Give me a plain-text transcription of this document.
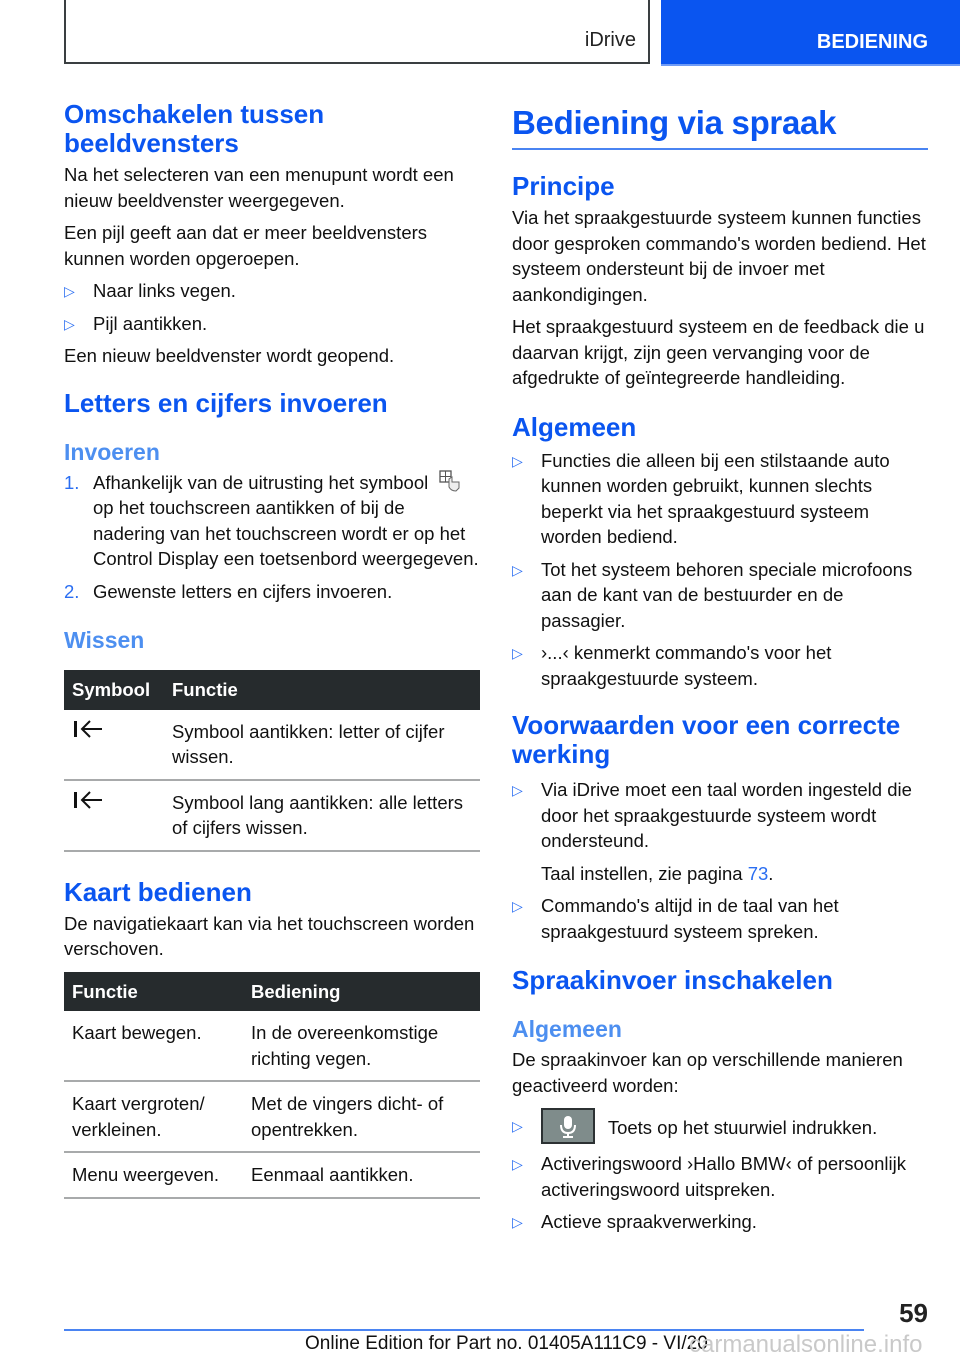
iDrive	BEDIENING
Omschakelen tussen beeldvensters

Na het selecteren van een menupunt wordt een nieuw beeldvenster weergegeven.

Een pijl geeft aan dat er meer beeldvensters kunnen worden opgeroepen.

▷ Naar links vegen.
▷ Pijl aantikken.

Een nieuw beeldvenster wordt geopend.

Letters en cijfers invoeren
Invoeren
1. Afhankelijk van de uitrusting het symbool  op het touchscreen aantikken of bij de nadering van het touchscreen wordt er op het Control Display een toetsenbord weergegeven.
2. Gewenste letters en cijfers invoeren.
Wissen
Symbool	Functie
	Symbool aantikken: letter of cijfer wissen.
	Symbool lang aantikken: alle letters of cijfers wissen.
Kaart bedienen

De navigatiekaart kan via het touchscreen worden verschoven.

Functie	Bediening
Kaart bewegen.	In de overeenkomstige richting vegen.
Kaart vergroten/ verkleinen.	Met de vingers dicht- of opentrekken.
Menu weergeven.	Eenmaal aantikken.
Bediening via spraak
Principe

Via het spraakgestuurde systeem kunnen functies door gesproken commando's worden bediend. Het systeem ondersteunt bij de invoer met aankondigingen.

Het spraakgestuurd systeem en de feedback die u daarvan krijgt, zijn geen vervanging voor de afgedrukte of geïntegreerde handleiding.

Algemeen
▷ Functies die alleen bij een stilstaande auto kunnen worden gebruikt, kunnen slechts beperkt via het spraakgestuurd systeem worden bediend.
▷ Tot het systeem behoren speciale microfoons aan de kant van de bestuurder en de passagier.
▷ ›...‹ kenmerkt commando's voor het spraakgestuurde systeem.
Voorwaarden voor een correcte werking
▷ Via iDrive moet een taal worden ingesteld die door het spraakgestuurde systeem wordt ondersteund.
Taal instellen, zie pagina 73.
▷ Commando's altijd in de taal van het spraakgestuurd systeem spreken.
Spraakinvoer inschakelen
Algemeen

De spraakinvoer kan op verschillende manieren geactiveerd worden:

▷	Toets op het stuurwiel indrukken.
▷ Activeringswoord ›Hallo BMW‹ of persoonlijk activeringswoord uitspreken.
▷ Actieve spraakverwerking.
59
Online Edition for Part no. 01405A111C9 - VI/20
carmanualsonline.info
